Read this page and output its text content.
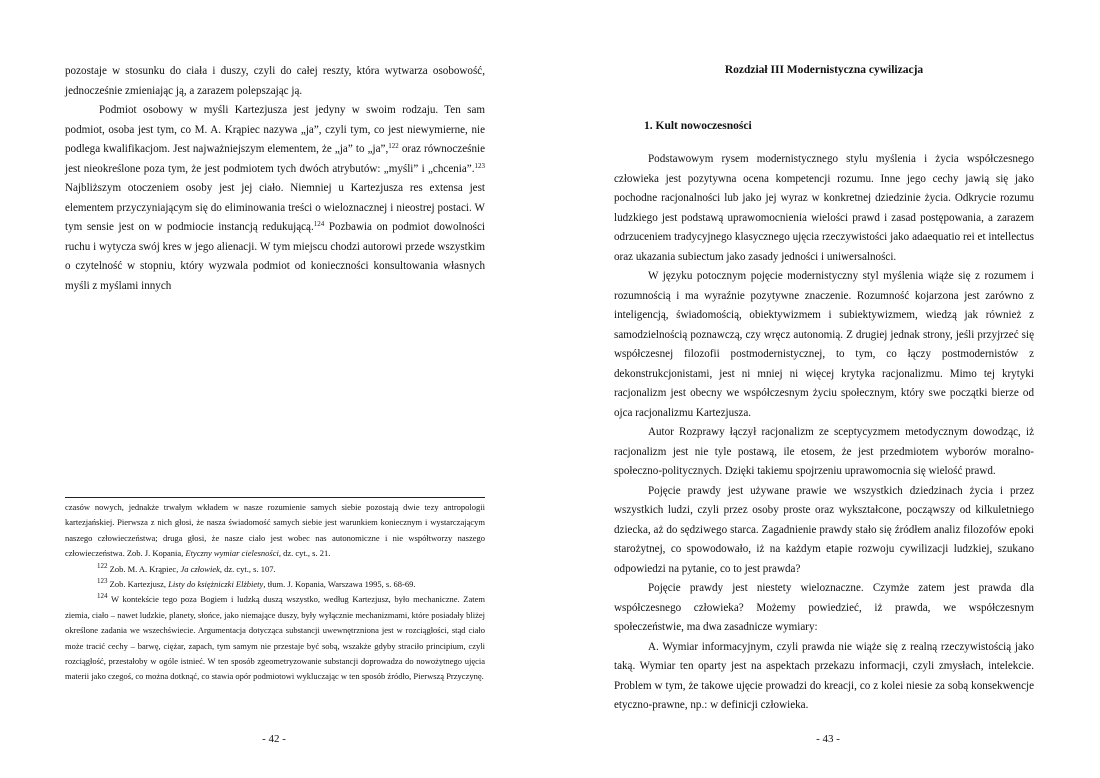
pozostaje w stosunku do ciała i duszy, czyli do całej reszty, która wytwarza osobowość, jednocześnie zmieniając ją, a zarazem polepszając ją.

Podmiot osobowy w myśli Kartezjusza jest jedyny w swoim rodzaju. Ten sam podmiot, osoba jest tym, co M. A. Krąpiec nazywa „ja”, czyli tym, co jest niewymierne, nie podlega kwalifikacjom. Jest najważniejszym elementem, że „ja” to „ja”,$^{122}$ oraz równocześnie jest nieokreślone poza tym, że jest podmiotem tych dwóch atrybutów: „myśli” i „chcenia”.$^{123}$ Najbliższym otoczeniem osoby jest jej ciało. Niemniej u Kartezjusza res extensa jest elementem przyczyniającym się do eliminowania treści o wieloznacznej i nieostrej postaci. W tym sensie jest on w podmiocie instancją redukującą.$^{124}$ Pozbawia on podmiot dowolności ruchu i wytycza swój kres w jego alienacji. W tym miejscu chodzi autorowi przede wszystkim o czytelność w stopniu, który wyzwala podmiot od konieczności konsultowania własnych myśli z myślami innych

czasów nowych, jednakże trwałym wkładem w nasze rozumienie samych siebie pozostają dwie tezy antropologii kartezjańskiej. Pierwsza z nich głosi, że nasza świadomość samych siebie jest warunkiem koniecznym i wystarczającym naszego człowieczeństwa; druga głosi, że nasze ciało jest wobec nas autonomiczne i nie współtworzy naszego człowieczeństwa. Zob. J. Kopania, Etyczny wymiar cielesności, dz. cyt., s. 21.

$^{122}$ Zob. M. A. Krąpiec, Ja człowiek, dz. cyt., s. 107.

$^{123}$ Zob. Kartezjusz, Listy do księżniczki Elżbiety, tłum. J. Kopania, Warszawa 1995, s. 68-69.

$^{124}$ W kontekście tego poza Bogiem i ludzką duszą wszystko, według Kartezjusz, było mechaniczne. Zatem ziemia, ciało – nawet ludzkie, planety, słońce, jako niemające duszy, były wyłącznie mechanizmami, które posiadały bliżej określone zadania we wszechświecie. Argumentacja dotycząca substancji uwewnętrzniona jest w rozciągłości, stąd ciało może tracić cechy – barwę, ciężar, zapach, tym samym nie przestaje być sobą, wszakże gdyby straciło principium, czyli rozciągłość, przestałoby w ogóle istnieć. W ten sposób zgeometryzowanie substancji doprowadza do nowożytnego ujęcia materii jako czegoś, co można dotknąć, co stawia opór podmiotowi wykluczając w ten sposób źródło, Pierwszą Przyczynę.

- 42 -
Rozdział III Modernistyczna cywilizacja
1. Kult nowoczesności

Podstawowym rysem modernistycznego stylu myślenia i życia współczesnego człowieka jest pozytywna ocena kompetencji rozumu. Inne jego cechy jawią się jako pochodne racjonalności lub jako jej wyraz w konkretnej dziedzinie życia. Odkrycie rozumu ludzkiego jest podstawą uprawomocnienia wielości prawd i zasad postępowania, a zarazem odrzuceniem tradycyjnego klasycznego ujęcia rzeczywistości jako adaequatio rei et intellectus oraz ukazania subiectum jako zasady jedności i uniwersalności.

W języku potocznym pojęcie modernistyczny styl myślenia wiąże się z rozumem i rozumnością i ma wyraźnie pozytywne znaczenie. Rozumność kojarzona jest zarówno z inteligencją, świadomością, obiektywizmem i subiektywizmem, wiedzą jak również z samodzielnością poznawczą, czy wręcz autonomią. Z drugiej jednak strony, jeśli przyjrzeć się współczesnej filozofii postmodernistycznej, to tym, co łączy postmodernistów z dekonstrukcjonistami, jest ni mniej ni więcej krytyka racjonalizmu. Mimo tej krytyki racjonalizm jest obecny we współczesnym życiu społecznym, który swe początki bierze od ojca racjonalizmu Kartezjusza.

Autor Rozprawy łączył racjonalizm ze sceptycyzmem metodycznym dowodząc, iż racjonalizm jest nie tyle postawą, ile etosem, że jest przedmiotem wyborów moralno-społeczno-politycznych. Dzięki takiemu spojrzeniu uprawomocnia się wielość prawd.

Pojęcie prawdy jest używane prawie we wszystkich dziedzinach życia i przez wszystkich ludzi, czyli przez osoby proste oraz wykształcone, począwszy od kilkuletniego dziecka, aż do sędziwego starca. Zagadnienie prawdy stało się źródłem analiz filozofów epoki starożytnej, co spowodowało, iż na każdym etapie rozwoju cywilizacji ludzkiej, szukano odpowiedzi na pytanie, co to jest prawda?

Pojęcie prawdy jest niestety wieloznaczne. Czymże zatem jest prawda dla współczesnego człowieka? Możemy powiedzieć, iż prawda, we współczesnym społeczeństwie, ma dwa zasadnicze wymiary:

A. Wymiar informacyjnym, czyli prawda nie wiąże się z realną rzeczywistością jako taką. Wymiar ten oparty jest na aspektach przekazu informacji, czyli zmysłach, intelekcie. Problem w tym, że takowe ujęcie prowadzi do kreacji, co z kolei niesie za sobą konsekwencje etyczno-prawne, np.: w definicji człowieka.

- 43 -
